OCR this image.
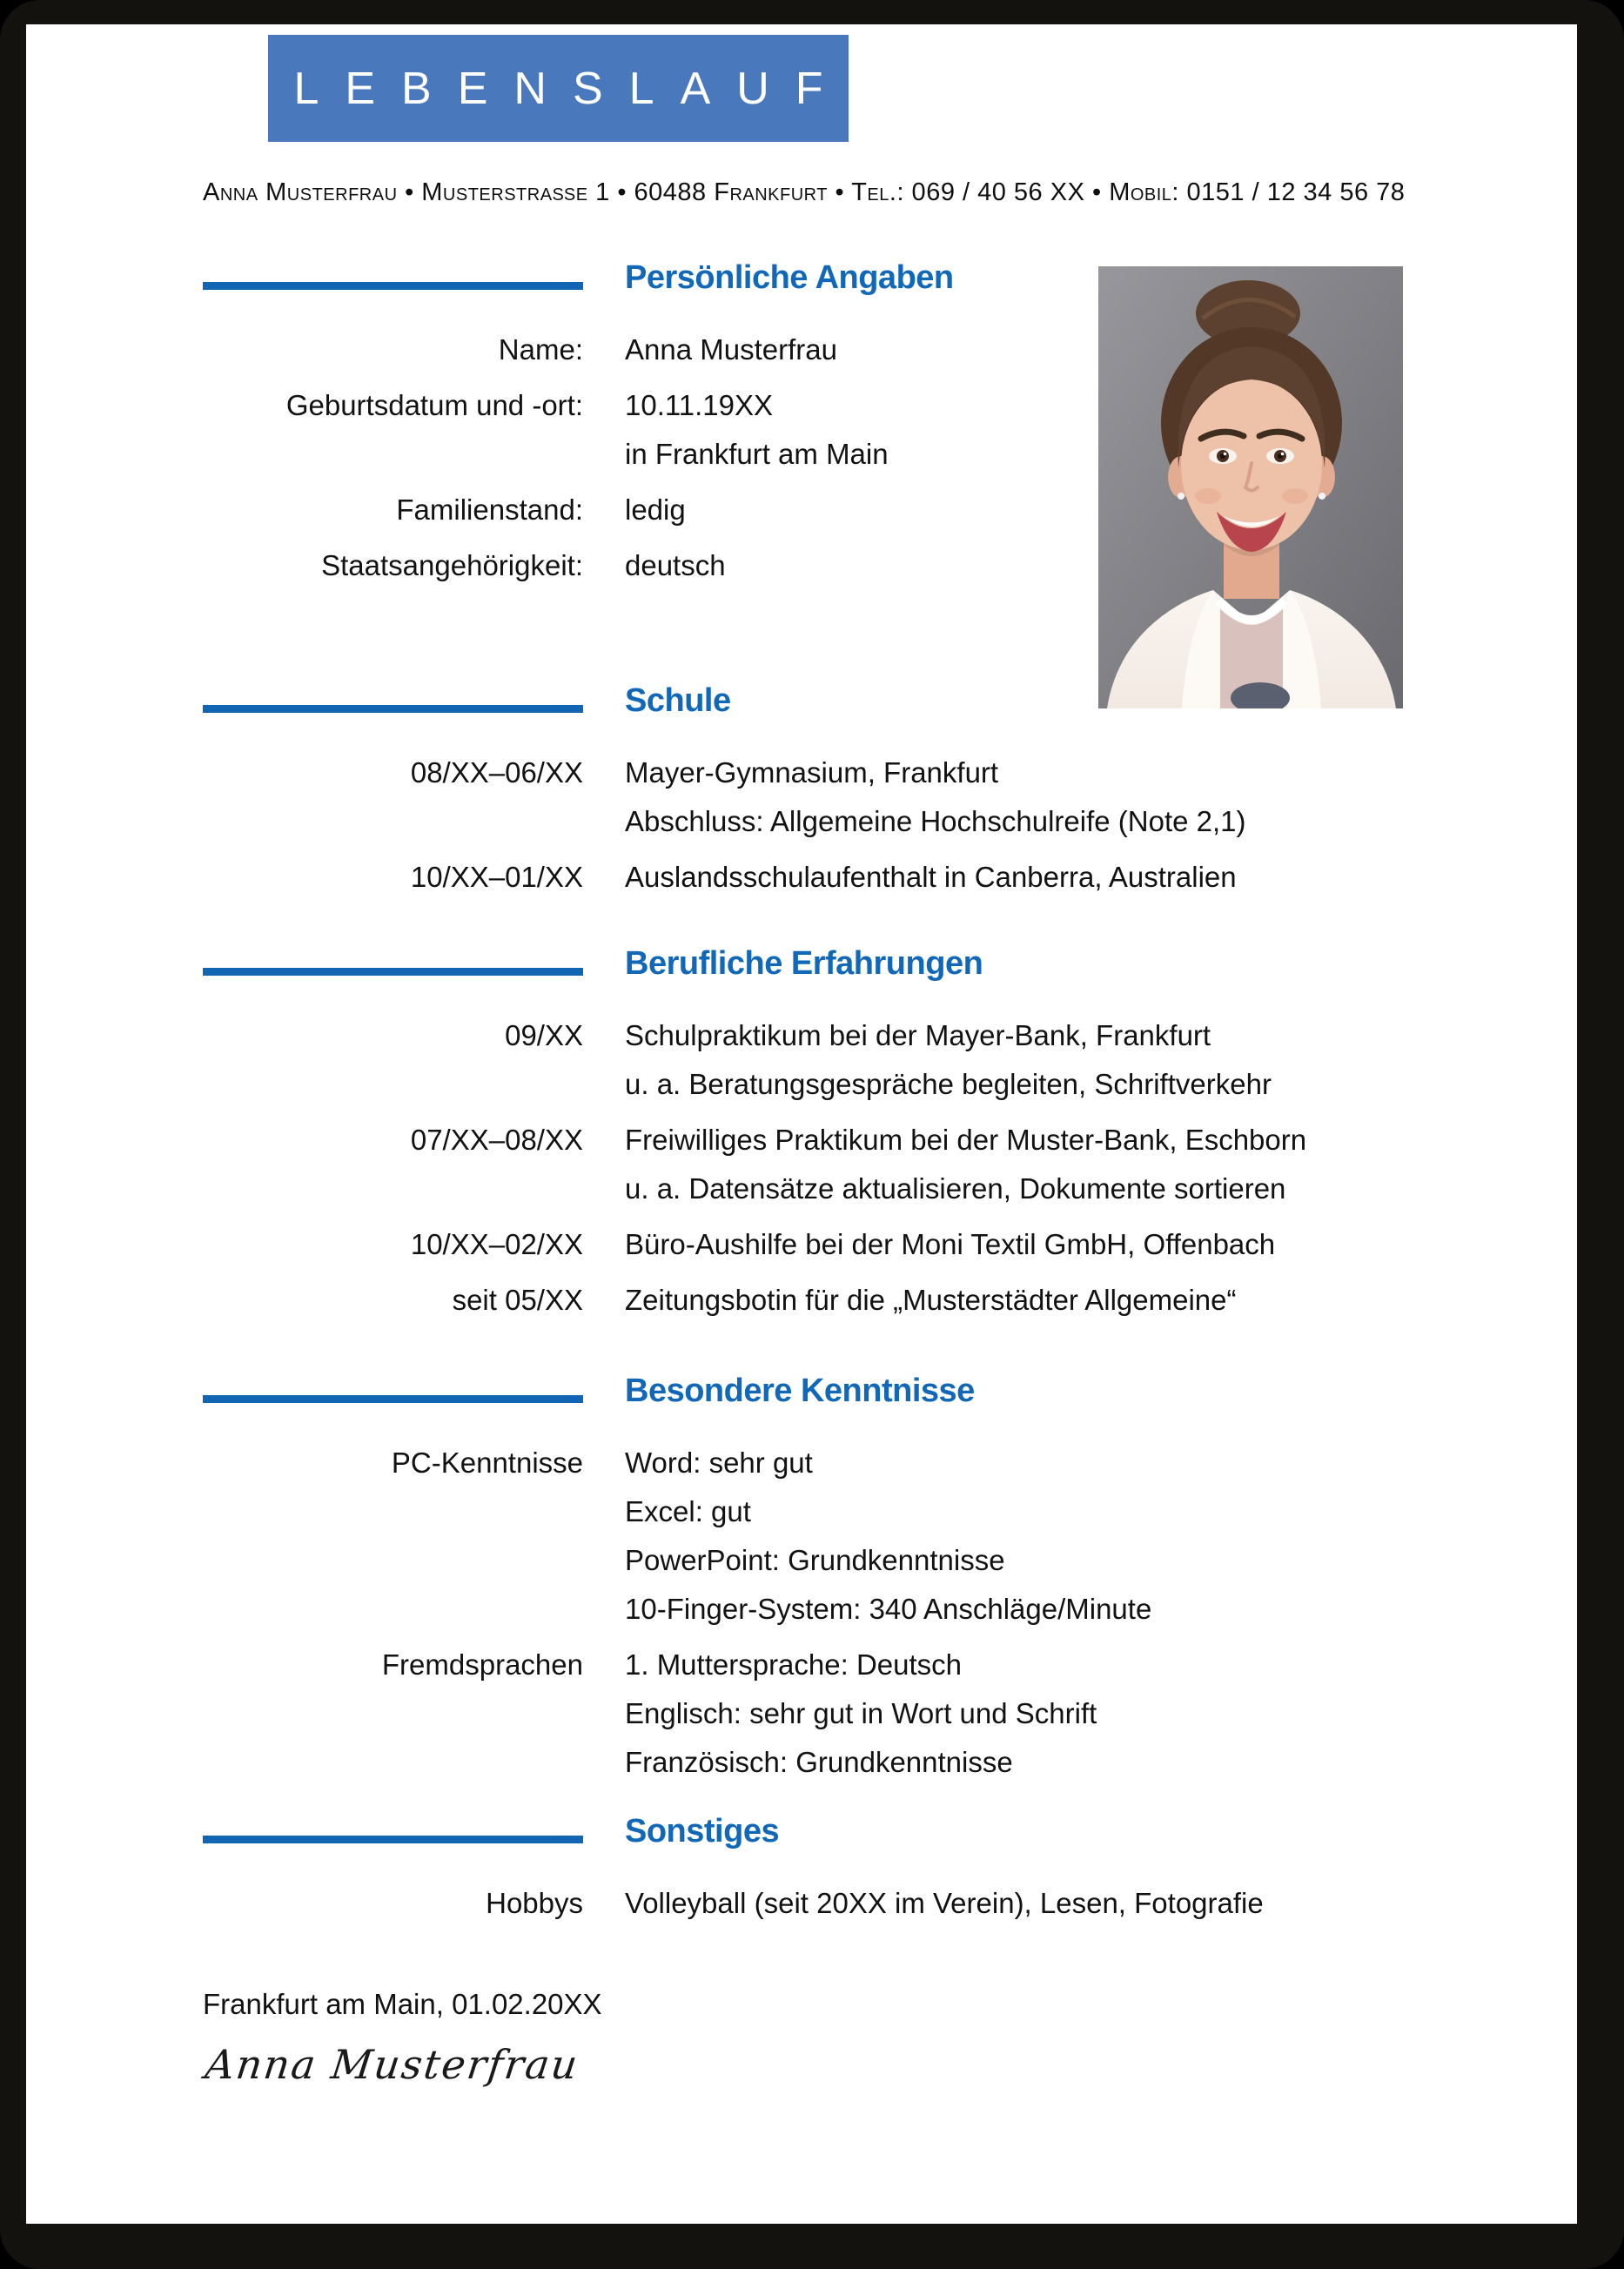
LEBENSLAUF
Anna Musterfrau • Musterstraße 1 • 60488 Frankfurt • Tel.: 069 / 40 56 XX • Mobil: 0151 / 12 34 56 78
Persönliche Angaben
Name: Anna Musterfrau
Geburtsdatum und -ort: 10.11.19XX
in Frankfurt am Main
Familienstand: ledig
Staatsangehörigkeit: deutsch
Schule
08/XX–06/XX Mayer-Gymnasium, Frankfurt
Abschluss: Allgemeine Hochschulreife (Note 2,1)
10/XX–01/XX Auslandsschulaufenthalt in Canberra, Australien
Berufliche Erfahrungen
09/XX Schulpraktikum bei der Mayer-Bank, Frankfurt
u. a. Beratungsgespräche begleiten, Schriftverkehr
07/XX–08/XX Freiwilliges Praktikum bei der Muster-Bank, Eschborn
u. a. Datensätze aktualisieren, Dokumente sortieren
10/XX–02/XX Büro-Aushilfe bei der Moni Textil GmbH, Offenbach
seit 05/XX Zeitungsbotin für die „Musterstädter Allgemeine“
Besondere Kenntnisse
PC-Kenntnisse Word: sehr gut
Excel: gut
PowerPoint: Grundkenntnisse
10-Finger-System: 340 Anschläge/Minute
Fremdsprachen 1. Muttersprache: Deutsch
Englisch: sehr gut in Wort und Schrift
Französisch: Grundkenntnisse
Sonstiges
Hobbys Volleyball (seit 20XX im Verein), Lesen, Fotografie
Frankfurt am Main, 01.02.20XX
Anna Musterfrau
